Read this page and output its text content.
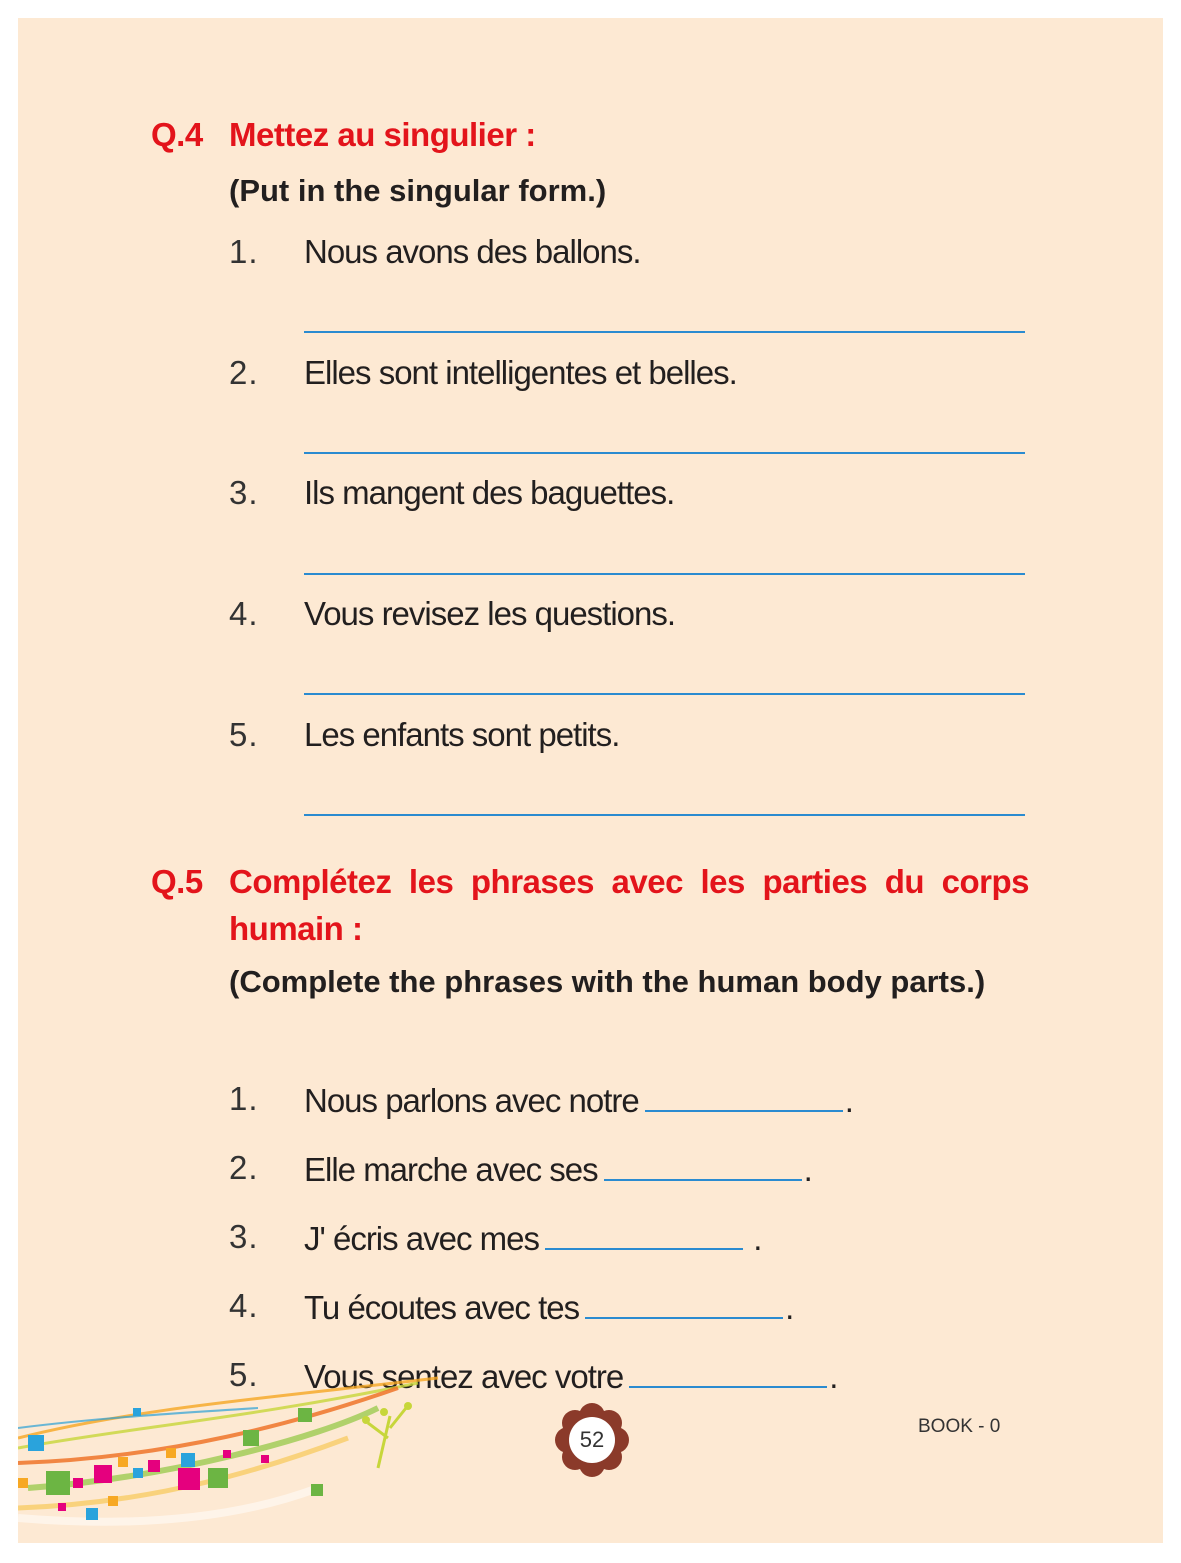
Q.4 Mettez au singulier :

(Put in the singular form.)

1. Nous avons des ballons.
2. Elles sont intelligentes et belles.
3. Ils mangent des baguettes.
4. Vous revisez les questions.
5. Les enfants sont petits.
Q.5 Complétez les phrases avec les parties du corps humain :

(Complete the phrases with the human body parts.)

1. Nous parlons avec notre	.
2. Elle marche avec ses	.
3. J' écris avec mes	.
4. Tu écoutes avec tes	.
5. Vous sentez avec votre	.
52
BOOK - 0
